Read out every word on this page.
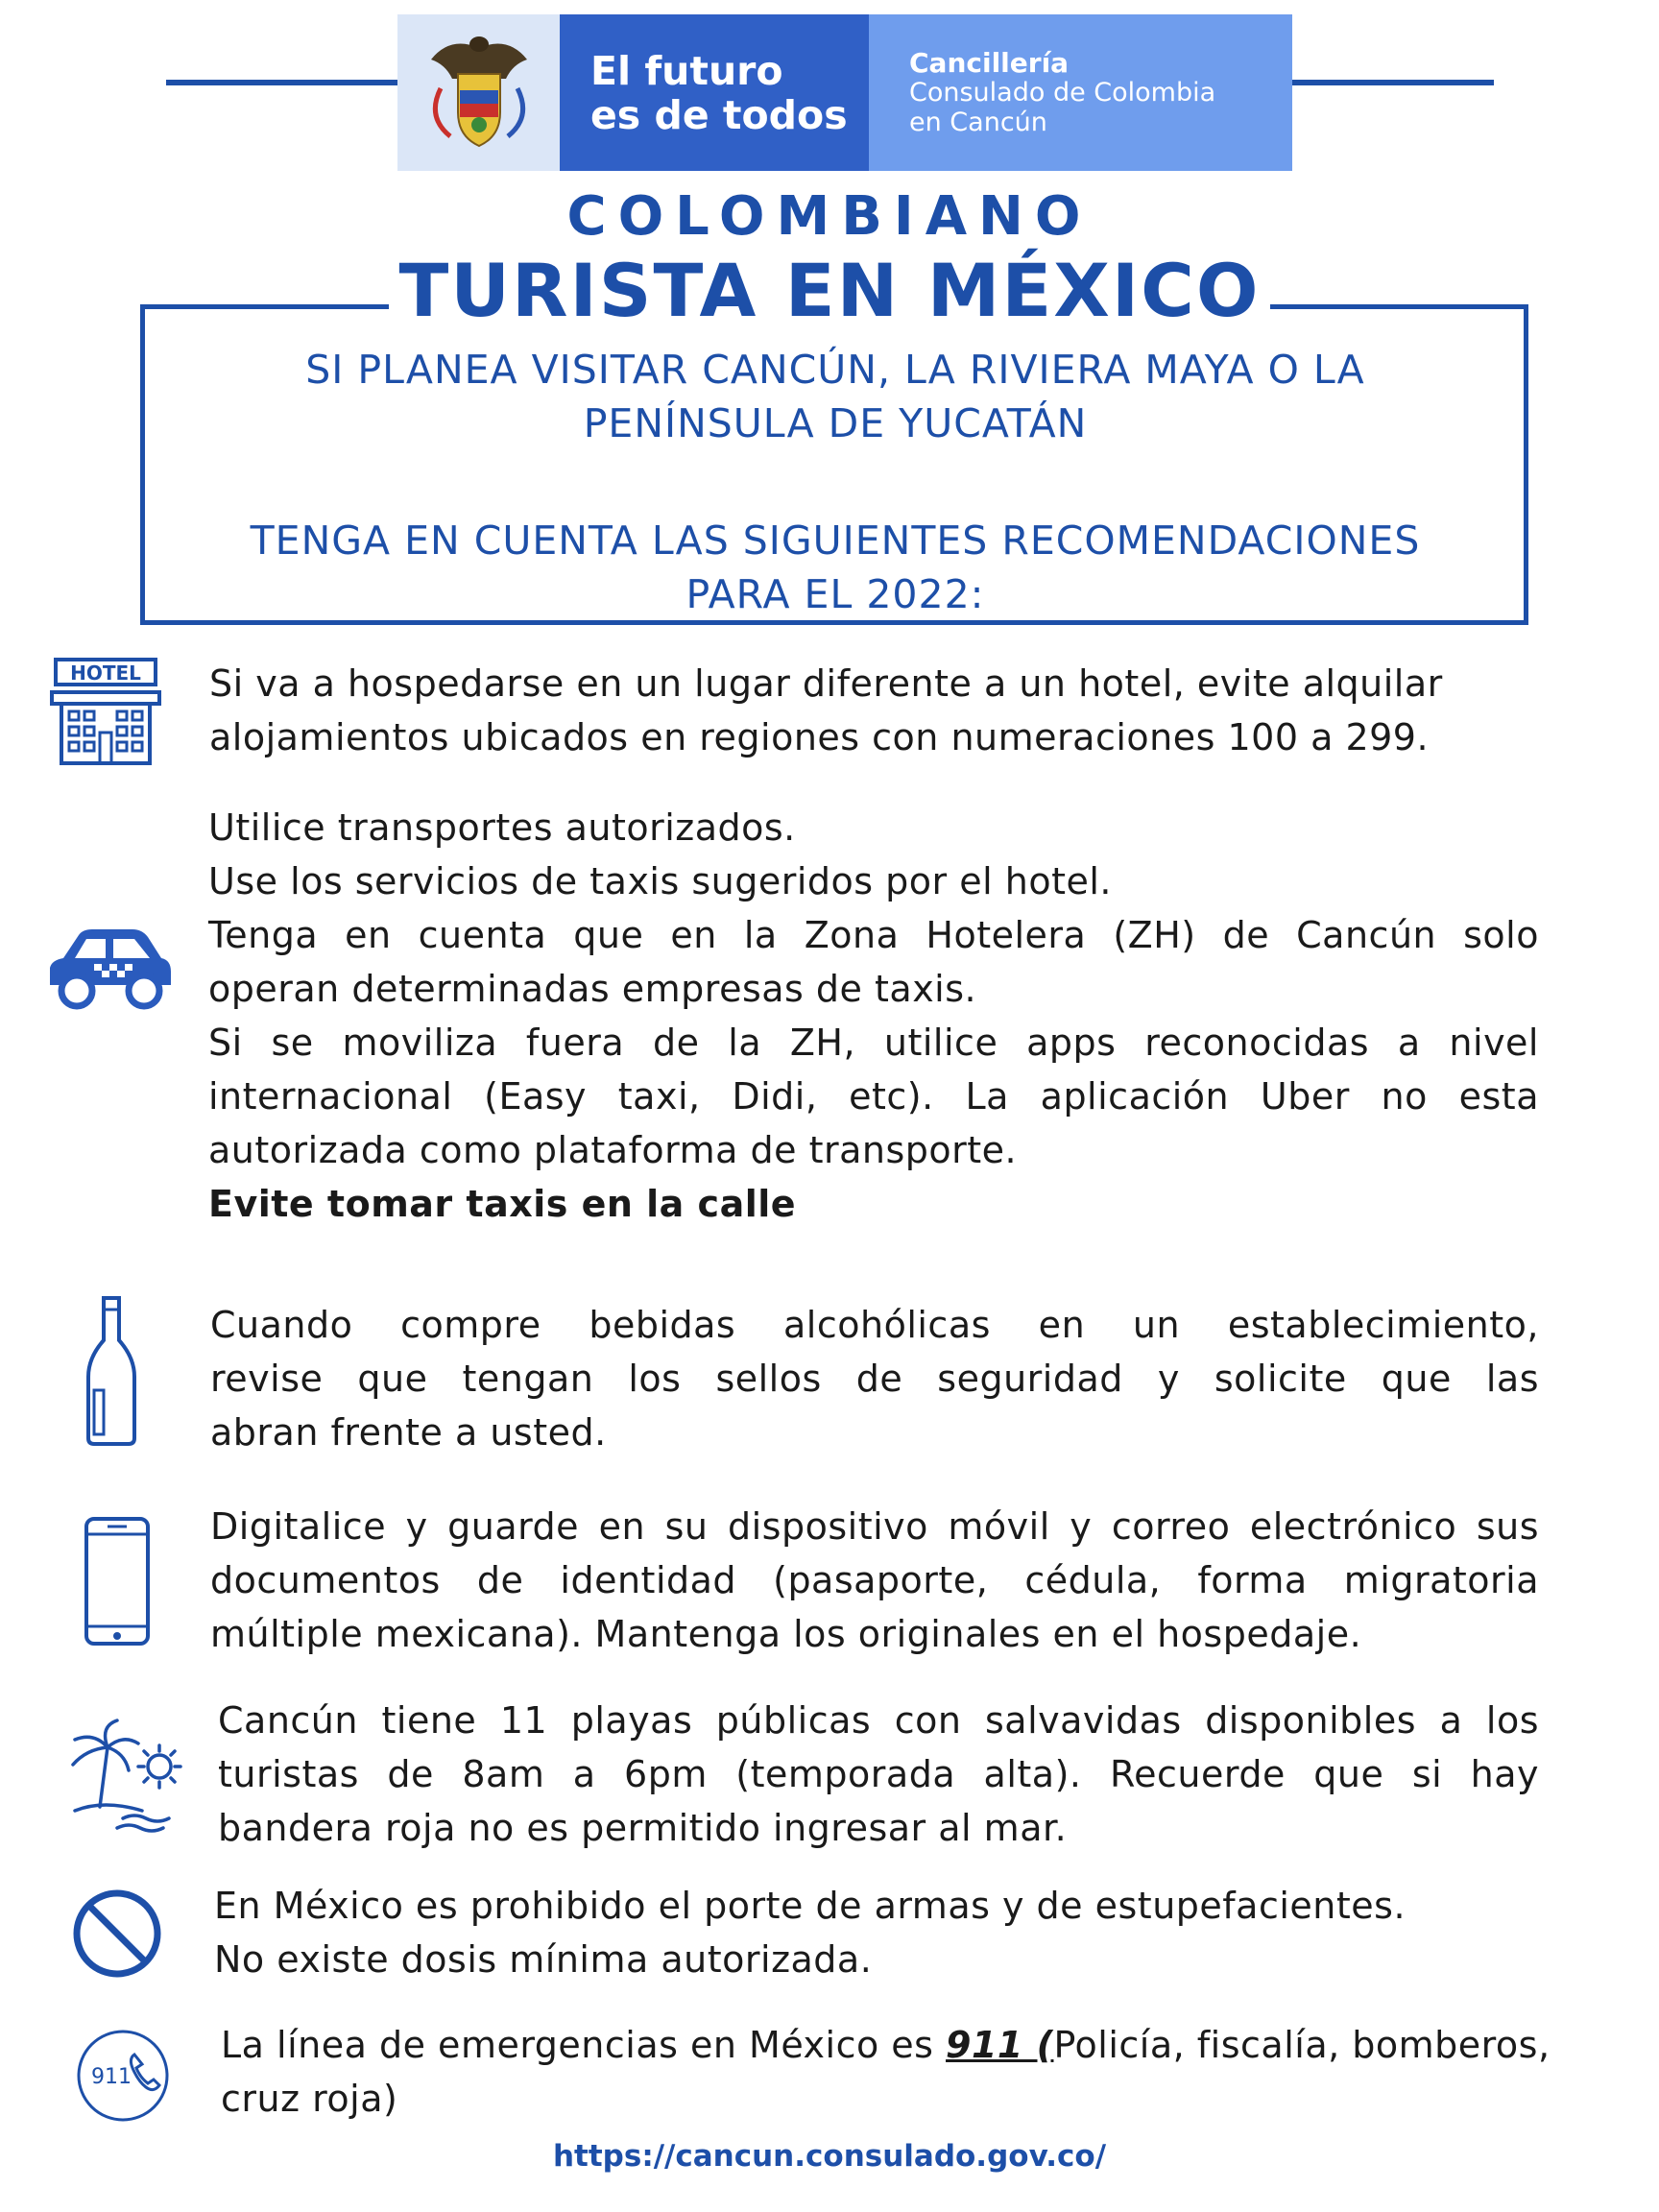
El futuro
es de todos
Cancillería
Consulado de Colombia
en Cancún
COLOMBIANO
TURISTA EN MÉXICO
SI PLANEA VISITAR CANCÚN, LA RIVIERA MAYA O LA
PENÍNSULA DE YUCATÁN
TENGA EN CUENTA LAS SIGUIENTES RECOMENDACIONES
PARA EL 2022:
HOTEL Si va a hospedarse en un lugar diferente a un hotel, evite alquilar
alojamientos ubicados en regiones con numeraciones 100 a 299.
Utilice transportes autorizados.
Use los servicios de taxis sugeridos por el hotel.
Tenga en cuenta que en la Zona Hotelera (ZH) de Cancún solo
operan determinadas empresas de taxis.
Si se moviliza fuera de la ZH, utilice apps reconocidas a nivel
internacional (Easy taxi, Didi, etc). La aplicación Uber no esta
autorizada como plataforma de transporte.
Evite tomar taxis en la calle
Cuando compre bebidas alcohólicas en un establecimiento,
revise que tengan los sellos de seguridad y solicite que las
abran frente a usted.
Digitalice y guarde en su dispositivo móvil y correo electrónico sus
documentos de identidad (pasaporte, cédula, forma migratoria
múltiple mexicana). Mantenga los originales en el hospedaje.
Cancún tiene 11 playas públicas con salvavidas disponibles a los
turistas de 8am a 6pm (temporada alta). Recuerde que si hay
bandera roja no es permitido ingresar al mar.
En México es prohibido el porte de armas y de estupefacientes.
No existe dosis mínima autorizada.
911
La línea de emergencias en México es 911 (Policía, fiscalía, bomberos,
cruz roja)
https://cancun.consulado.gov.co/
